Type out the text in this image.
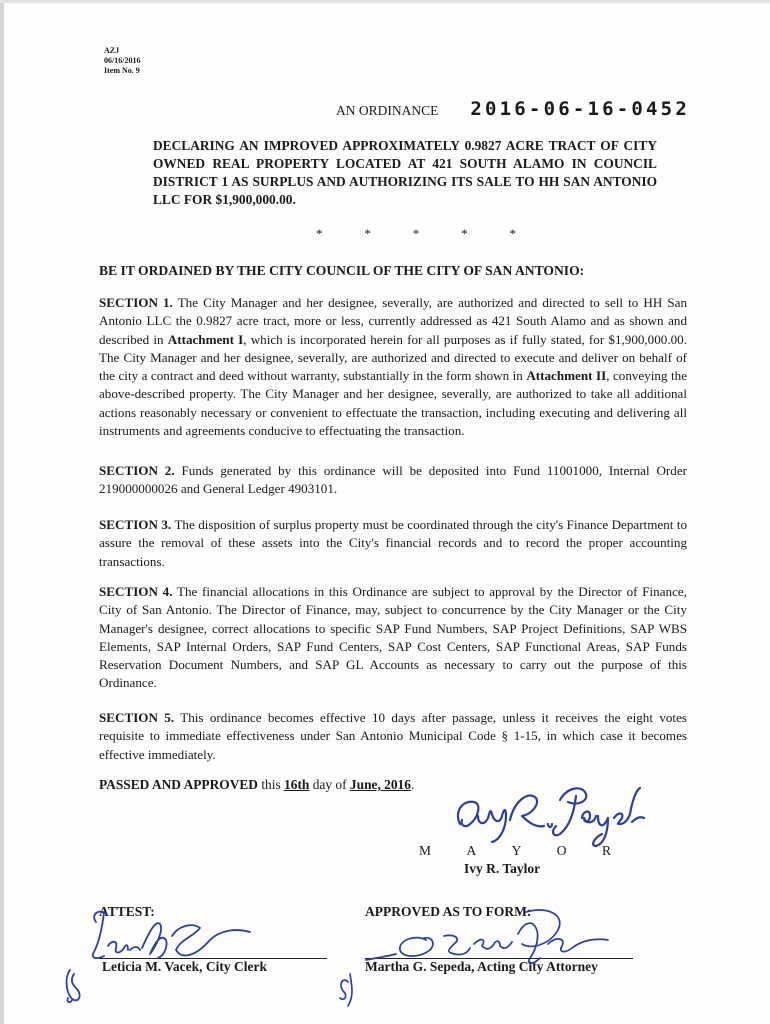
AZJ
06/16/2016
Item No. 9
AN ORDINANCE 2016-06-16-0452
DECLARING AN IMPROVED APPROXIMATELY 0.9827 ACRE TRACT OF CITY OWNED REAL PROPERTY LOCATED AT 421 SOUTH ALAMO IN COUNCIL DISTRICT 1 AS SURPLUS AND AUTHORIZING ITS SALE TO HH SAN ANTONIO LLC FOR $1,900,000.00.
*	*	*	*	*
BE IT ORDAINED BY THE CITY COUNCIL OF THE CITY OF SAN ANTONIO:
SECTION 1. The City Manager and her designee, severally, are authorized and directed to sell to HH San Antonio LLC the 0.9827 acre tract, more or less, currently addressed as 421 South Alamo and as shown and described in Attachment I, which is incorporated herein for all purposes as if fully stated, for $1,900,000.00. The City Manager and her designee, severally, are authorized and directed to execute and deliver on behalf of the city a contract and deed without warranty, substantially in the form shown in Attachment II, conveying the above-described property. The City Manager and her designee, severally, are authorized to take all additional actions reasonably necessary or convenient to effectuate the transaction, including executing and delivering all instruments and agreements conducive to effectuating the transaction.
SECTION 2. Funds generated by this ordinance will be deposited into Fund 11001000, Internal Order 219000000026 and General Ledger 4903101.
SECTION 3. The disposition of surplus property must be coordinated through the city's Finance Department to assure the removal of these assets into the City's financial records and to record the proper accounting transactions.
SECTION 4. The financial allocations in this Ordinance are subject to approval by the Director of Finance, City of San Antonio. The Director of Finance, may, subject to concurrence by the City Manager or the City Manager's designee, correct allocations to specific SAP Fund Numbers, SAP Project Definitions, SAP WBS Elements, SAP Internal Orders, SAP Fund Centers, SAP Cost Centers, SAP Functional Areas, SAP Funds Reservation Document Numbers, and SAP GL Accounts as necessary to carry out the purpose of this Ordinance.
SECTION 5. This ordinance becomes effective 10 days after passage, unless it receives the eight votes requisite to immediate effectiveness under San Antonio Municipal Code § 1-15, in which case it becomes effective immediately.
PASSED AND APPROVED this 16th day of June, 2016.
M	A	Y	O	R
Ivy R. Taylor
ATTEST:
Leticia M. Vacek, City Clerk
APPROVED AS TO FORM:
Martha G. Sepeda, Acting City Attorney
